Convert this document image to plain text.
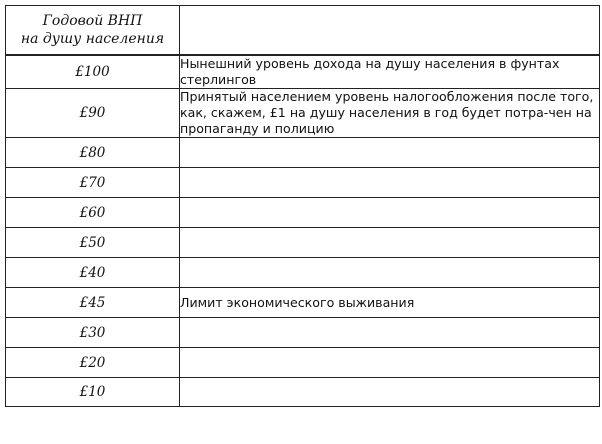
Годовой ВНП
на душу населения	
£100	Нынешний уровень дохода на душу населения в фунтах стерлингов
£90	Принятый населением уровень налогообложения после того, как, скажем, £1 на душу населения в год будет потра-чен на пропаганду и полицию
£80	
£70	
£60	
£50	
£40	
£45	Лимит экономического выживания
£30	
£20	
£10	
